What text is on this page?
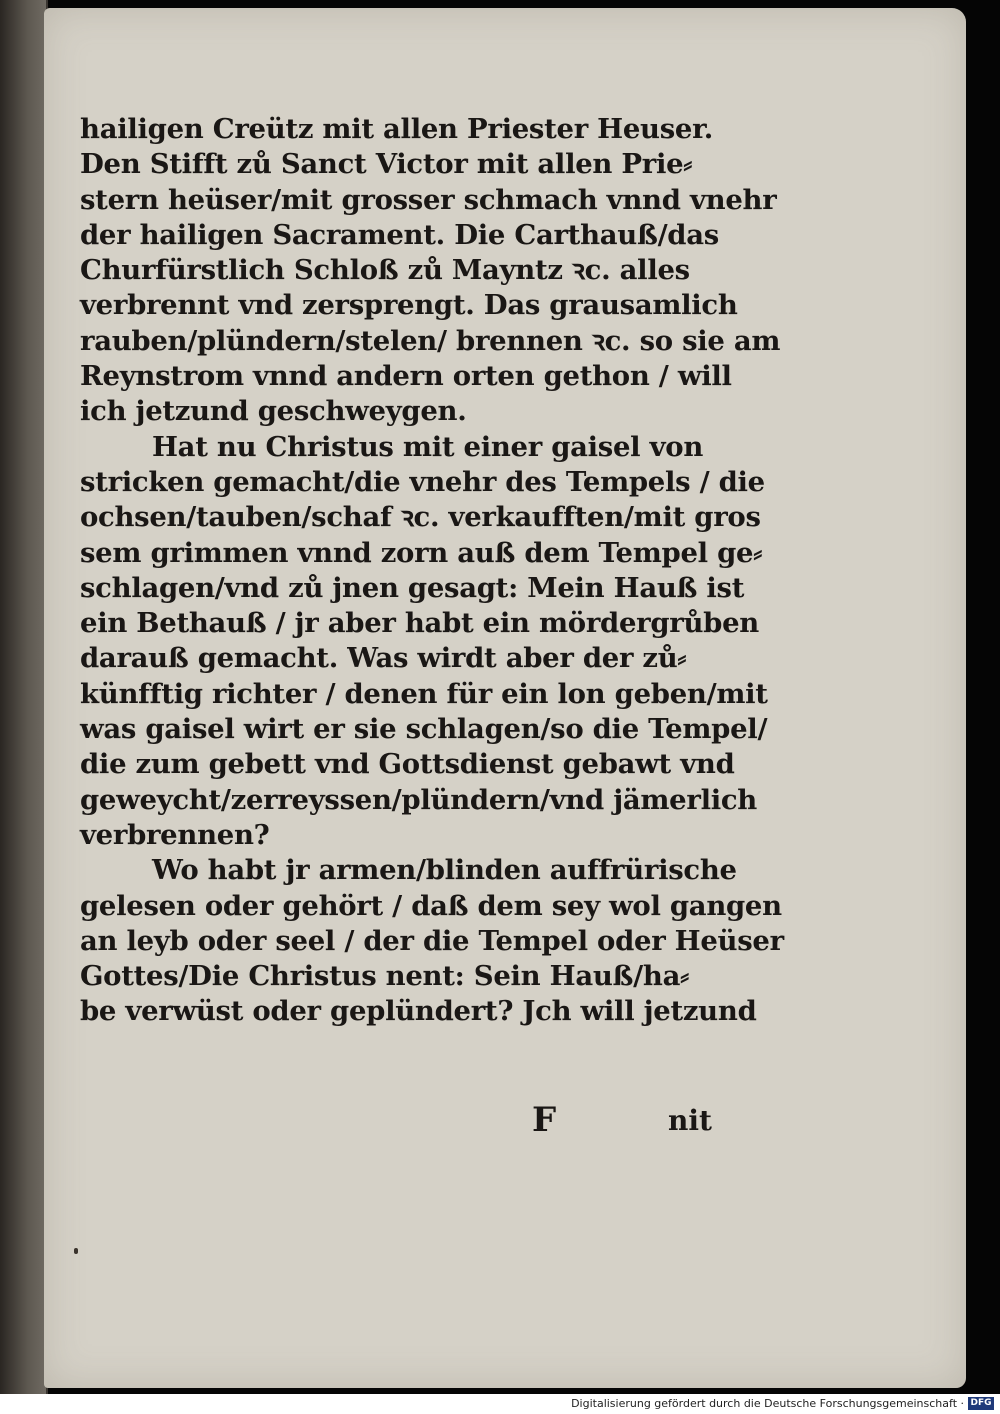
hailigen Creütz mit allen Priester Heuser.
Den Stifft zů Sanct Victor mit allen Prie⸗
stern heüser/mit grosser schmach vnnd vnehr
der hailigen Sacrament. Die Carthauß/das
Churfürstlich Schloß zů Mayntz ꝛc. alles
verbrennt vnd zersprengt. Das grausamlich
rauben/plündern/stelen/ brennen ꝛc. so sie am
Reynstrom vnnd andern orten gethon / will
ich jetzund geschweygen.
Hat nu Christus mit einer gaisel von
stricken gemacht/die vnehr des Tempels / die
ochsen/tauben/schaf ꝛc. verkaufften/mit gros
sem grimmen vnnd zorn auß dem Tempel ge⸗
schlagen/vnd zů jnen gesagt: Mein Hauß ist
ein Bethauß / jr aber habt ein mördergrůben
darauß gemacht. Was wirdt aber der zů⸗
künfftig richter / denen für ein lon geben/mit
was gaisel wirt er sie schlagen/so die Tempel/
die zum gebett vnd Gottsdienst gebawt vnd
geweycht/zerreyssen/plündern/vnd jämerlich
verbrennen?
Wo habt jr armen/blinden auffrürische
gelesen oder gehört / daß dem sey wol gangen
an leyb oder seel / der die Tempel oder Heüser
Gottes/Die Christus nent: Sein Hauß/ha⸗
be verwüst oder geplündert? Jch will jetzund
F	nit
Digitalisierung gefördert durch die Deutsche Forschungsgemeinschaft · DFG
